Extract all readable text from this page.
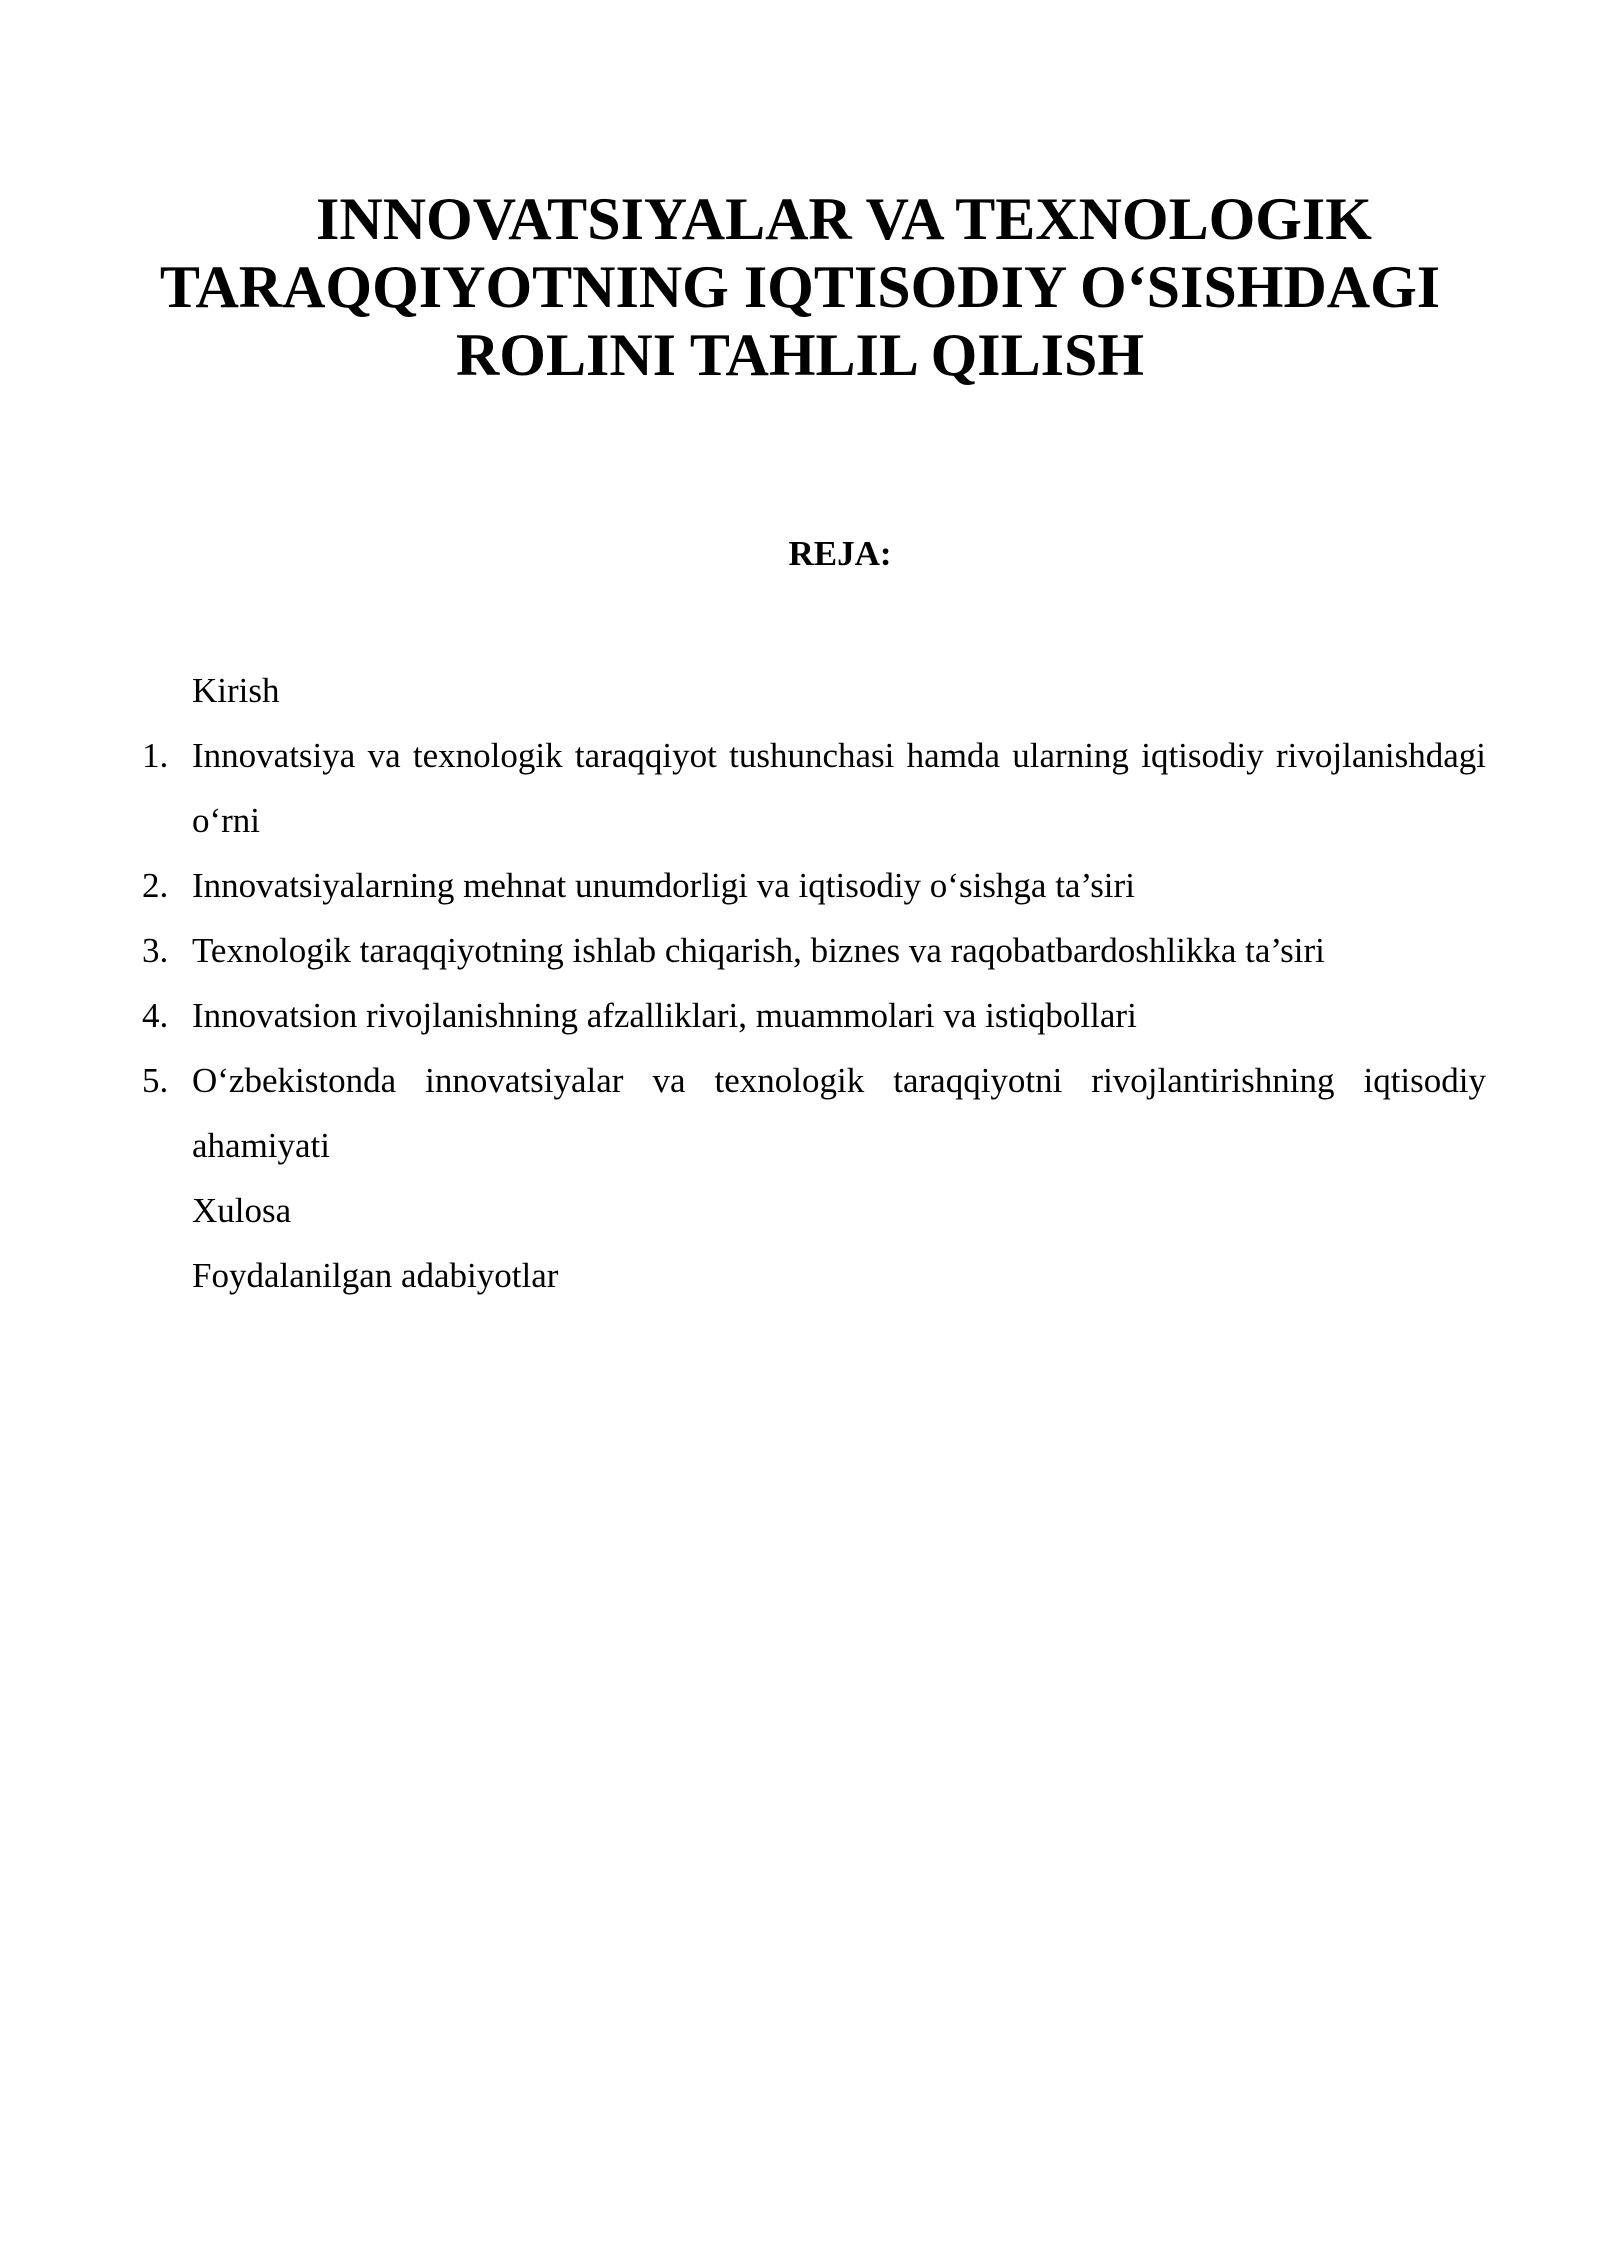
INNOVATSIYALAR VA TEXNOLOGIK
TARAQQIYOTNING IQTISODIY O‘SISHDAGI
ROLINI TAHLIL QILISH
REJA:
Kirish
1. Innovatsiya va texnologik taraqqiyot tushunchasi hamda ularning iqtisodiy rivojlanishdagi o‘rni
2. Innovatsiyalarning mehnat unumdorligi va iqtisodiy o‘sishga ta’siri
3. Texnologik taraqqiyotning ishlab chiqarish, biznes va raqobatbardoshlikka ta’siri
4. Innovatsion rivojlanishning afzalliklari, muammolari va istiqbollari
5. O‘zbekistonda innovatsiyalar va texnologik taraqqiyotni rivojlantirishning iqtisodiy ahamiyati
Xulosa
Foydalanilgan adabiyotlar
